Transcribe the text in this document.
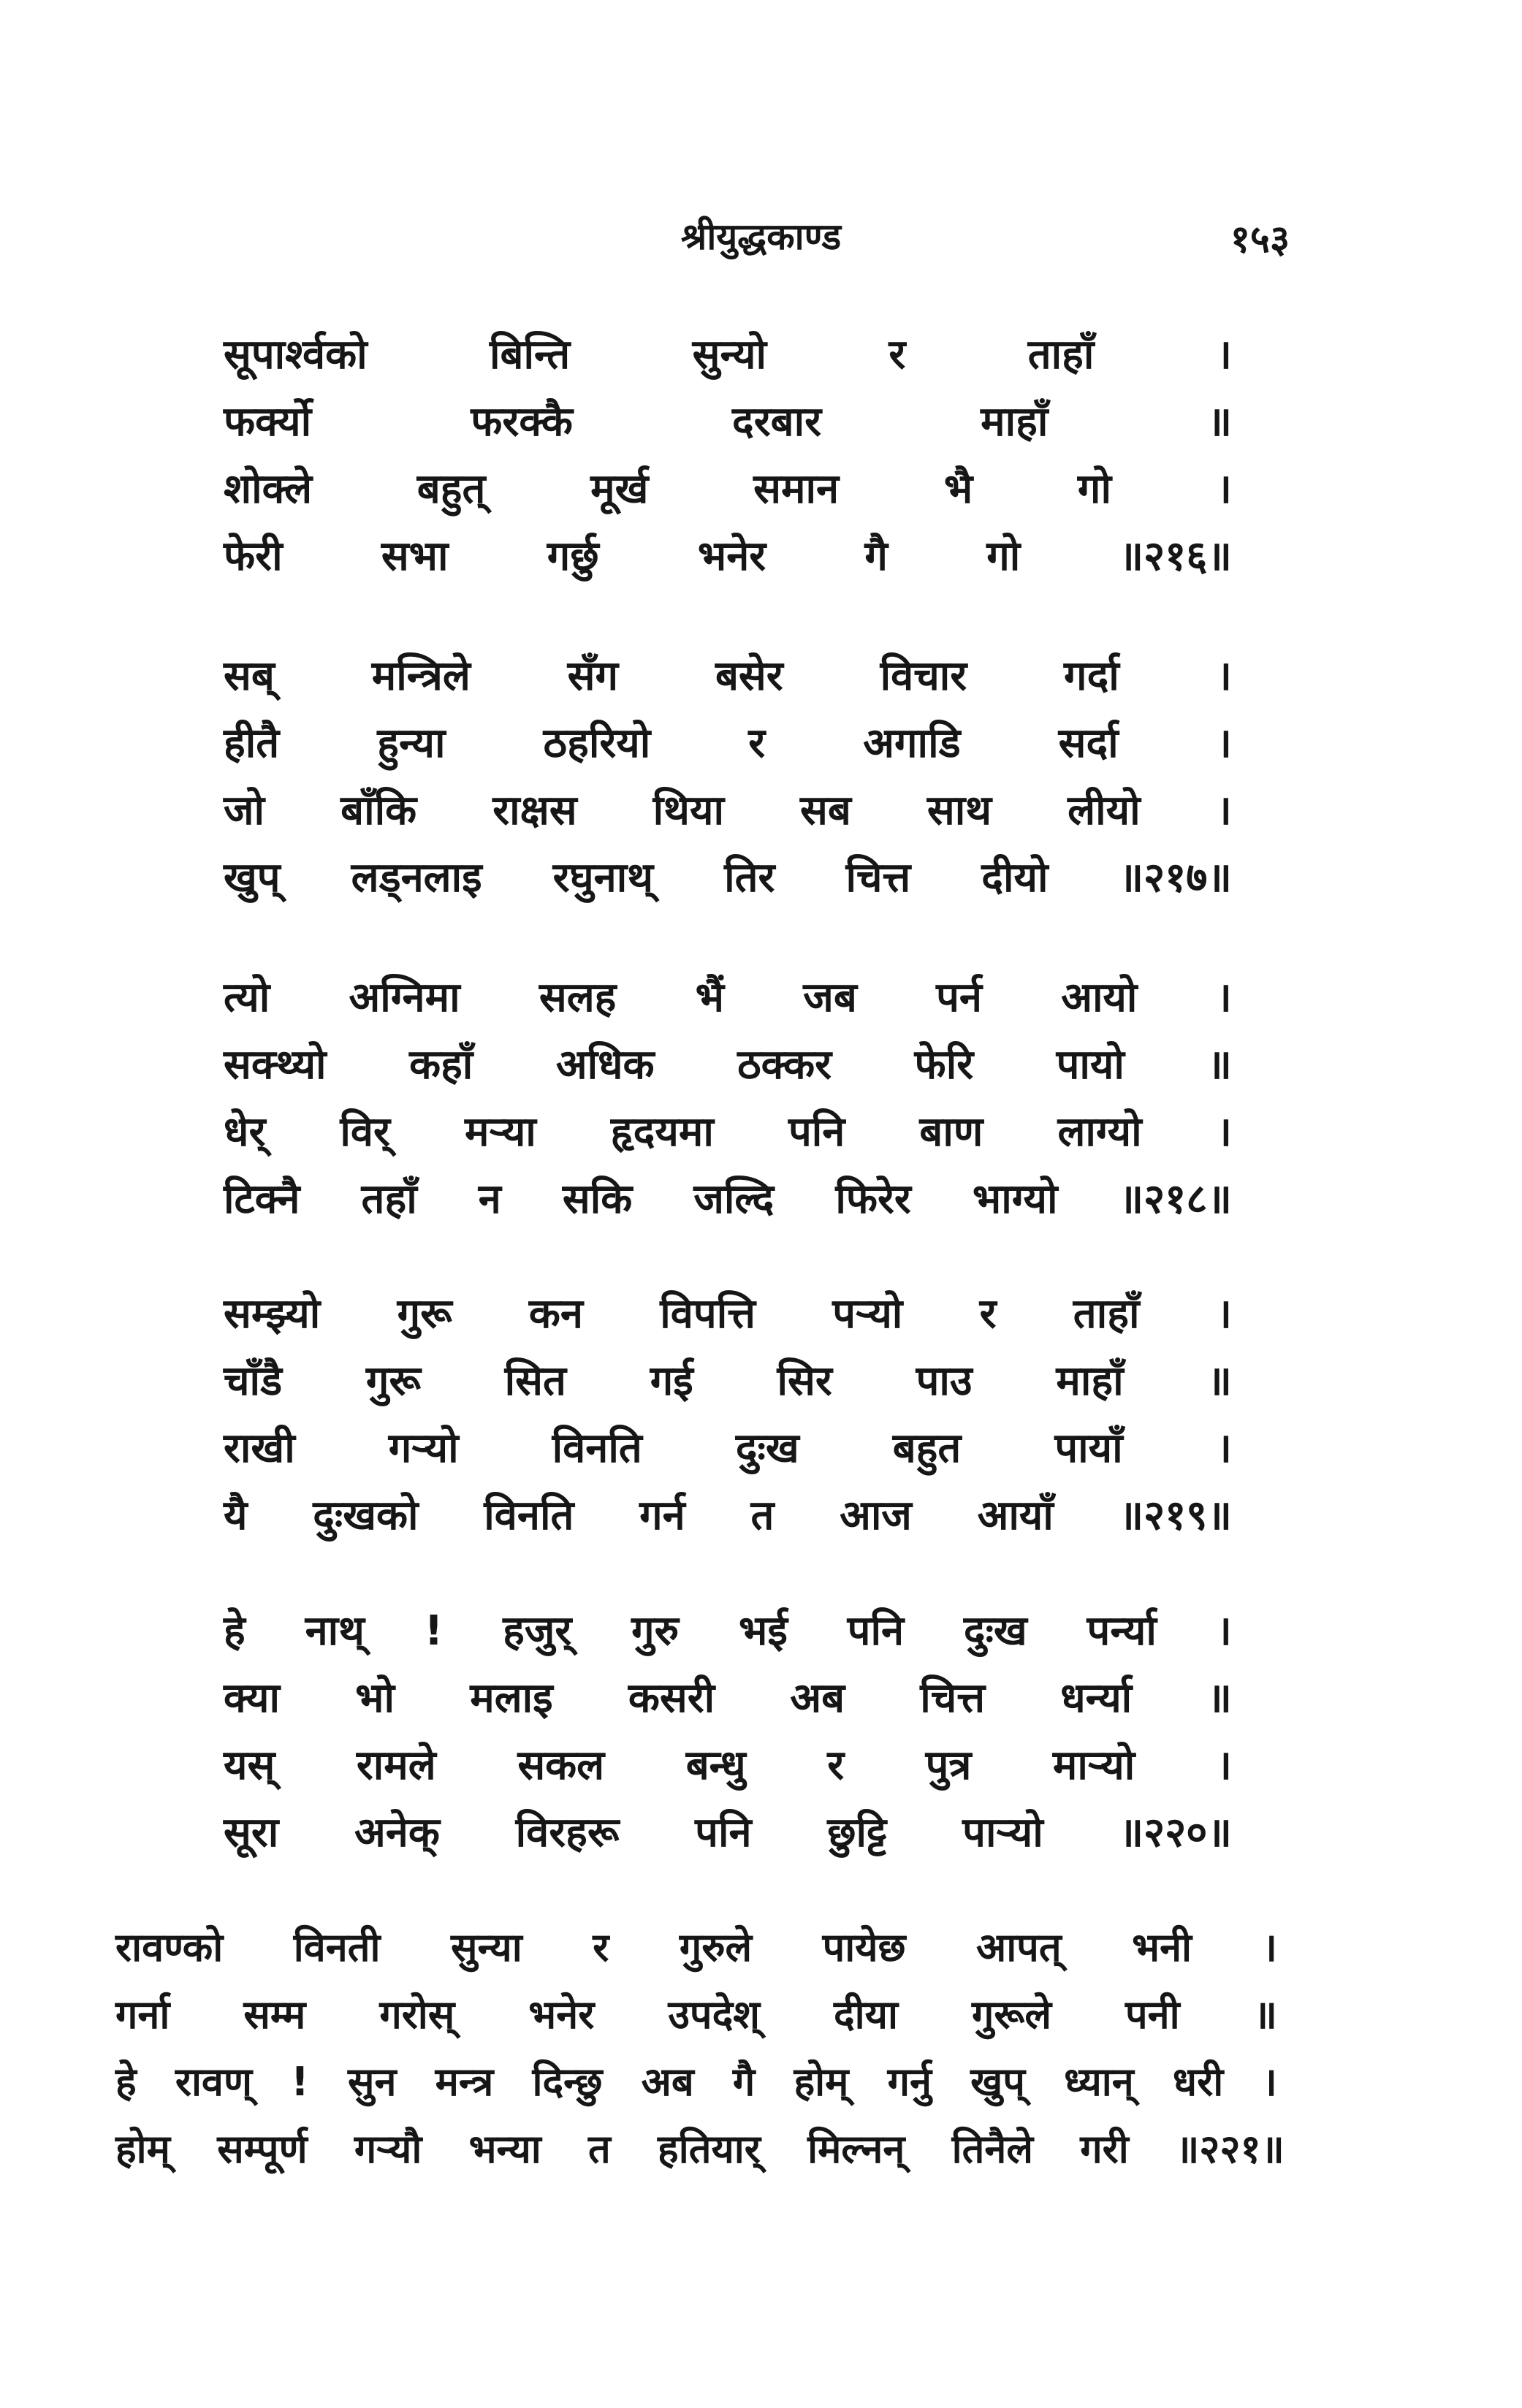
श्रीयुद्धकाण्ड	१५३
सूपार्श्वको	बिन्ति	सुन्यो	र	ताहाँ	।
फर्क्यो	फरक्कै	दरबार	माहाँ	॥
शोक्ले	बहुत्	मूर्ख	समान	भै	गो	।
फेरी सभा गर्छु भनेर गै गो ॥२१६॥
सब् मन्त्रिले सँग बसेर विचार गर्दा ।
हीतै हुन्या ठहरियो र अगाडि सर्दा ।
जो बाँकि राक्षस थिया सब साथ लीयो ।
खुप् लड्नलाइ रघुनाथ् तिर चित्त दीयो ॥२१७॥
त्यो अग्निमा सलह भैं जब पर्न आयो ।
सक्थ्यो कहाँ अधिक ठक्कर फेरि पायो ॥
धेर् विर् मऱ्या हृदयमा पनि बाण लाग्यो ।
टिक्नै तहाँ न सकि जल्दि फिरेर भाग्यो ॥२१८॥
सम्झ्यो गुरू कन विपत्ति पऱ्यो र ताहाँ ।
चाँडै गुरू सित गई सिर पाउ माहाँ ॥
राखी गऱ्यो विनति दुःख बहुत पायाँ ।
यै दुःखको विनति गर्न त आज आयाँ ॥२१९॥
हे नाथ् ! हजुर् गुरु भई पनि दुःख पर्न्या ।
क्या भो मलाइ कसरी अब चित्त धर्न्या ॥
यस् रामले सकल बन्धु र पुत्र माऱ्यो ।
सूरा अनेक् विरहरू पनि छुट्टि पाऱ्यो ॥२२०॥
रावण्को विनती सुन्या र गुरुले पायेछ आपत् भनी ।
गर्ना सम्म गरोस् भनेर उपदेश् दीया गुरूले पनी ॥
हे रावण् ! सुन मन्त्र दिन्छु अब गै होम् गर्नु खुप् ध्यान् धरी ।
होम् सम्पूर्ण गऱ्यौ भन्या त हतियार् मिल्नन् तिनैले गरी ॥२२१॥
